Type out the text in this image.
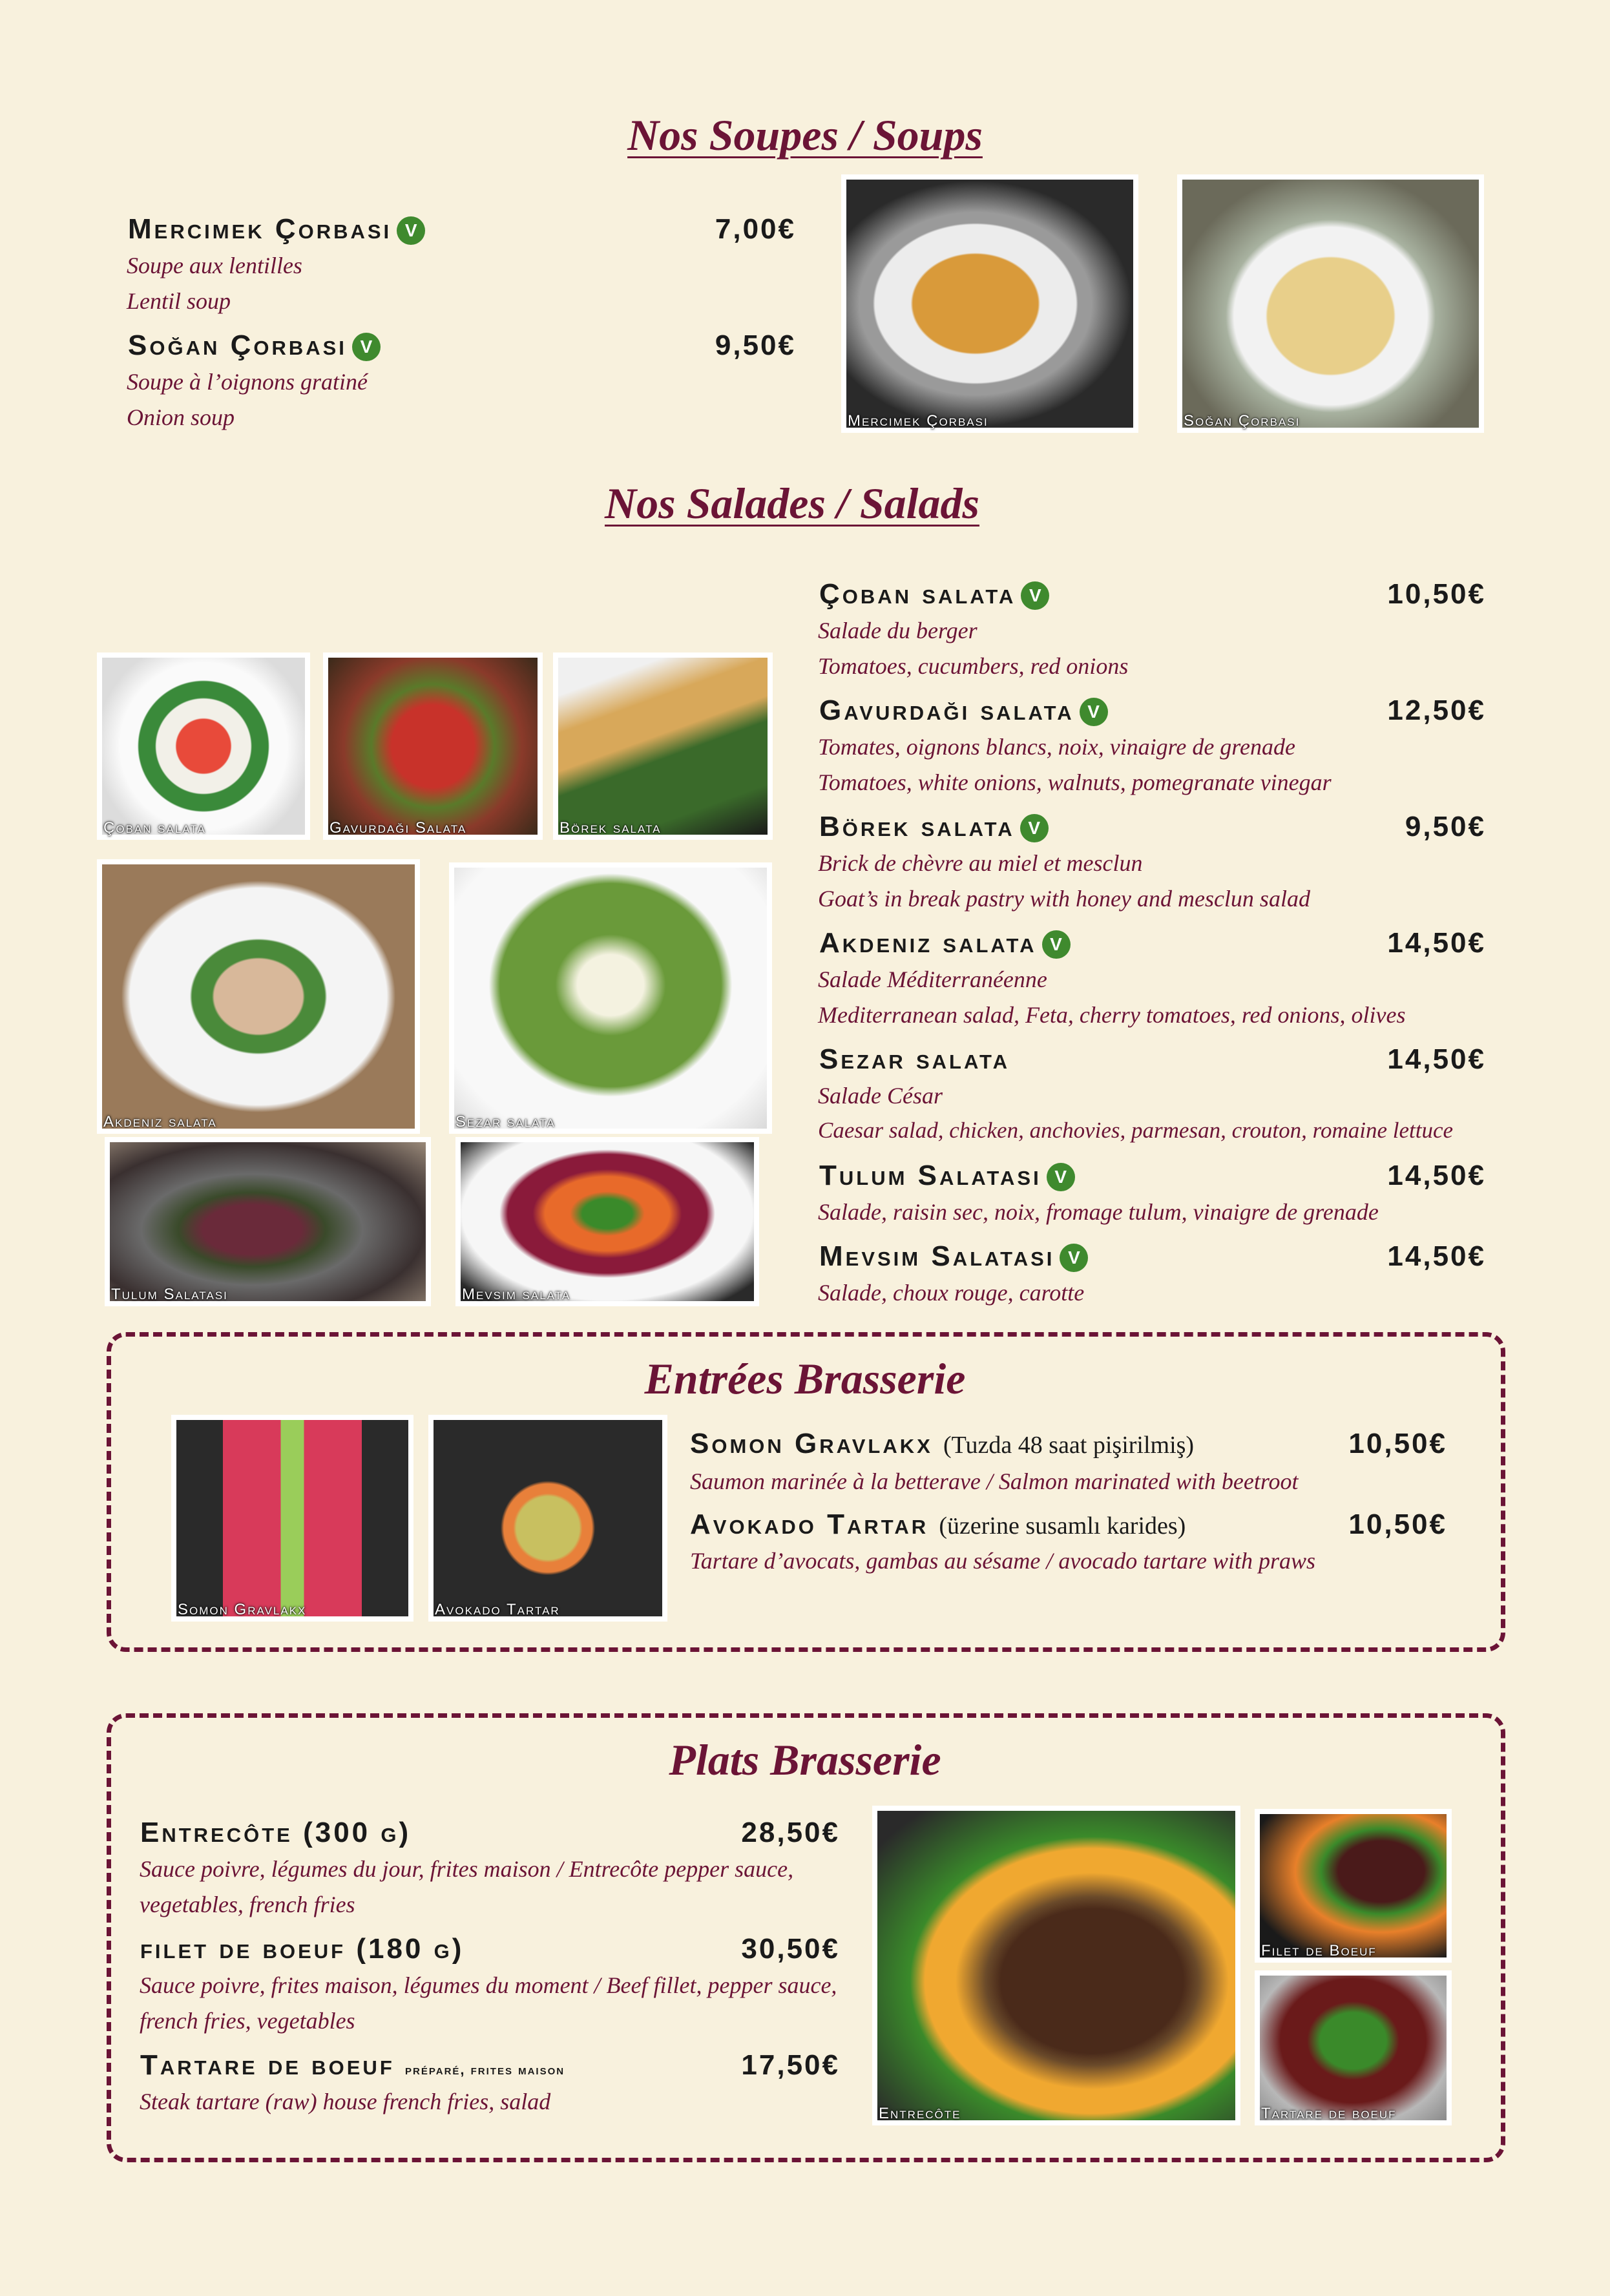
Nos Soupes / Soups
Mercimek Çorbasi V	7,00€
Soupe aux lentilles
Lentil soup
Soğan Çorbasi V	9,50€
Soupe à l’oignons gratiné
Onion soup	Mercimek Çorbasi	Soğan Çorbasi
Nos Salades / Salads
Çoban salata	Gavurdaği Salata	Börek salata
Akdeniz salata	Sezar salata
Tulum Salatasi	Mevsim salata
Çoban salata V	10,50€
Salade du berger
Tomatoes, cucumbers, red onions
Gavurdaği salata V	12,50€
Tomates, oignons blancs, noix, vinaigre de grenade
Tomatoes, white onions, walnuts, pomegranate vinegar
Börek salata V	9,50€
Brick de chèvre au miel et mesclun
Goat’s in break pastry with honey and mesclun salad
Akdeniz salata V	14,50€
Salade Méditerranéenne
Mediterranean salad, Feta, cherry tomatoes, red onions, olives
Sezar salata	14,50€
Salade César
Caesar salad, chicken, anchovies, parmesan, crouton, romaine lettuce
Tulum Salatasi V	14,50€
Salade, raisin sec, noix, fromage tulum, vinaigre de grenade
Mevsim Salatasi V	14,50€
Salade, choux rouge, carotte
Entrées Brasserie
Somon Gravlakx	Avokado Tartar
Somon Gravlakx (Tuzda 48 saat pişirilmiş)	10,50€
Saumon marinée à la betterave / Salmon marinated with beetroot
Avokado Tartar (üzerine susamlı karides)	10,50€
Tartare d’avocats, gambas au sésame / avocado tartare with praws
Plats Brasserie
Entrecôte (300 g)	28,50€
Sauce poivre, légumes du jour, frites maison / Entrecôte pepper sauce,
vegetables, french fries
filet de boeuf (180 g)	30,50€
Sauce poivre, frites maison, légumes du moment / Beef fillet, pepper sauce,
french fries, vegetables
Tartare de boeuf préparé, frites maison	17,50€
Steak tartare (raw) house french fries, salad	Entrecôte
Filet de Boeuf
Tartare de boeuf
